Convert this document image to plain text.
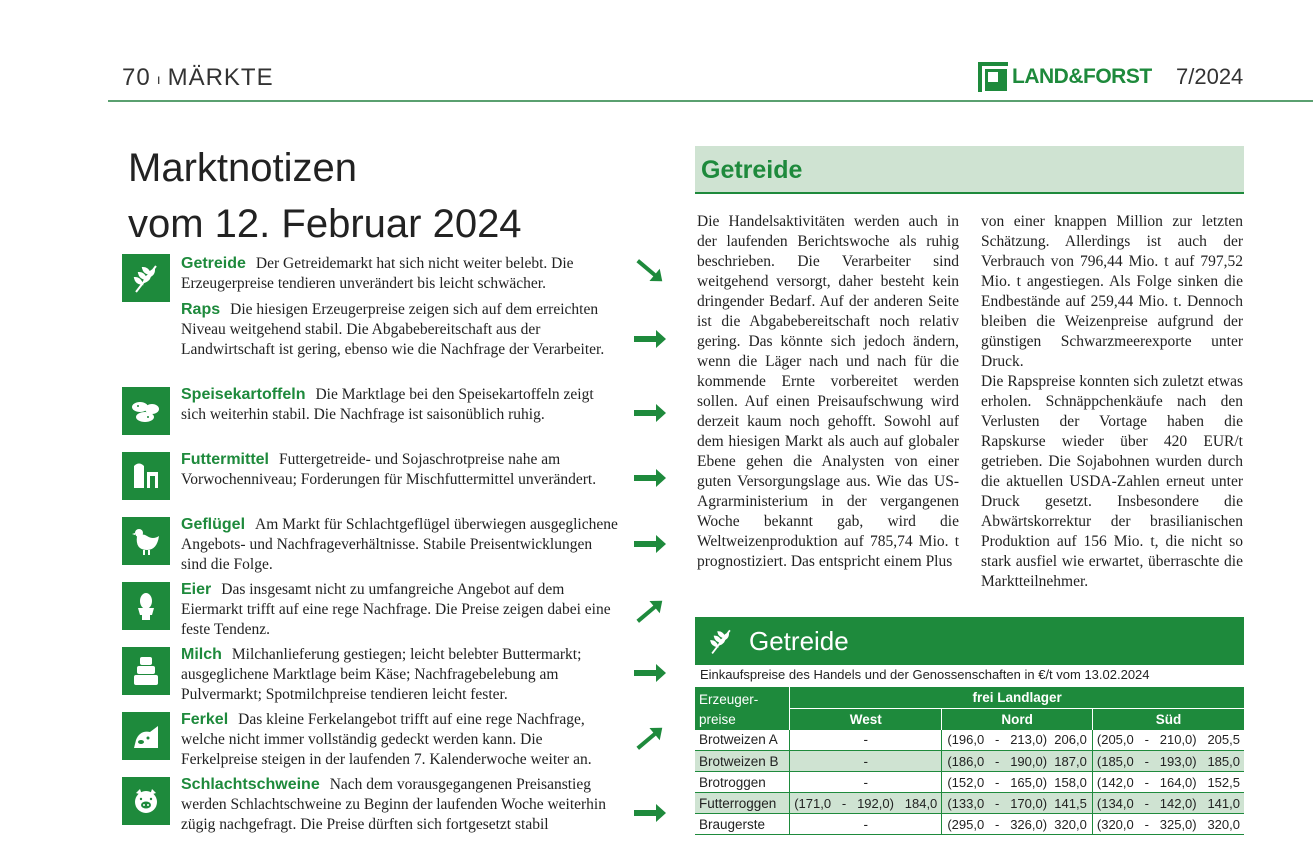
70 ı MÄRKTE	LAND&FORST 7/2024
Marktnotizen
vom 12. Februar 2024
Getreide Der Getreidemarkt hat sich nicht weiter belebt. Die Erzeugerpreise tendieren unverändert bis leicht schwächer.
Raps Die hiesigen Erzeugerpreise zeigen sich auf dem erreichten Niveau weitgehend stabil. Die Abgabebereitschaft aus der Landwirtschaft ist gering, ebenso wie die Nachfrage der Verarbeiter.
Speisekartoffeln Die Marktlage bei den Speisekartoffeln zeigt sich weiterhin stabil. Die Nachfrage ist saisonüblich ruhig.
Futtermittel Futtergetreide- und Sojaschrotpreise nahe am Vorwochenniveau; Forderungen für Mischfuttermittel unverändert.
Geflügel Am Markt für Schlachtgeflügel überwiegen ausgeglichene Angebots- und Nachfrageverhältnisse. Stabile Preisentwicklungen sind die Folge.
Eier Das insgesamt nicht zu umfangreiche Angebot auf dem Eiermarkt trifft auf eine rege Nachfrage. Die Preise zeigen dabei eine feste Tendenz.
Milch Milchanlieferung gestiegen; leicht belebter Buttermarkt; ausgeglichene Marktlage beim Käse; Nachfragebelebung am Pulvermarkt; Spotmilchpreise tendieren leicht fester.
Ferkel Das kleine Ferkelangebot trifft auf eine rege Nachfrage, welche nicht immer vollständig gedeckt werden kann. Die Ferkelpreise steigen in der laufenden 7. Kalenderwoche weiter an.
Schlachtschweine Nach dem vorausgegangenen Preisanstieg werden Schlachtschweine zu Beginn der laufenden Woche weiterhin zügig nachgefragt. Die Preise dürften sich fortgesetzt stabil
Getreide
Die Handelsaktivitäten werden auch in der laufenden Berichtswoche als ruhig beschrieben. Die Verarbeiter sind weitgehend versorgt, daher besteht kein dringender Bedarf. Auf der anderen Seite ist die Abgabebereitschaft noch relativ gering. Das könnte sich jedoch ändern, wenn die Läger nach und nach für die kommende Ernte vorbereitet werden sollen. Auf einen Preisaufschwung wird derzeit kaum noch gehofft. Sowohl auf dem hiesigen Markt als auch auf globaler Ebene gehen die Analysten von einer guten Versorgungslage aus. Wie das US-Agrarministerium in der vergangenen Woche bekannt gab, wird die Weltweizenproduktion auf 785,74 Mio. t prognostiziert. Das entspricht einem Plus
von einer knappen Million zur letzten Schätzung. Allerdings ist auch der Verbrauch von 796,44 Mio. t auf 797,52 Mio. t angestiegen. Als Folge sinken die Endbestände auf 259,44 Mio. t. Dennoch bleiben die Weizenpreise aufgrund der günstigen Schwarzmeerexporte unter Druck.
Die Rapspreise konnten sich zuletzt etwas erholen. Schnäppchenkäufe nach den Verlusten der Vortage haben die Rapskurse wieder über 420 EUR/t getrieben. Die Sojabohnen wurden durch die aktuellen USDA-Zahlen erneut unter Druck gesetzt. Insbesondere die Abwärtskorrektur der brasilianischen Produktion auf 156 Mio. t, die nicht so stark ausfiel wie erwartet, überraschte die Marktteilnehmer.
Getreide
Einkaufspreise des Handels und der Genossenschaften in €/t vom 13.02.2024
Erzeuger-
preise	frei Landlager		
	West	Nord	Süd
Brotweizen A	-	(196,0   -   213,0)  206,0	(205,0   -   210,0)   205,5
Brotweizen B	-	(186,0   -   190,0)  187,0	(185,0   -   193,0)   185,0
Brotroggen	-	(152,0   -   165,0)  158,0	(142,0   -   164,0)   152,5
Futterroggen	(171,0   -   192,0)   184,0	(133,0   -   170,0)  141,5	(134,0   -   142,0)   141,0
Braugerste	-	(295,0   -   326,0)  320,0	(320,0   -   325,0)   320,0
